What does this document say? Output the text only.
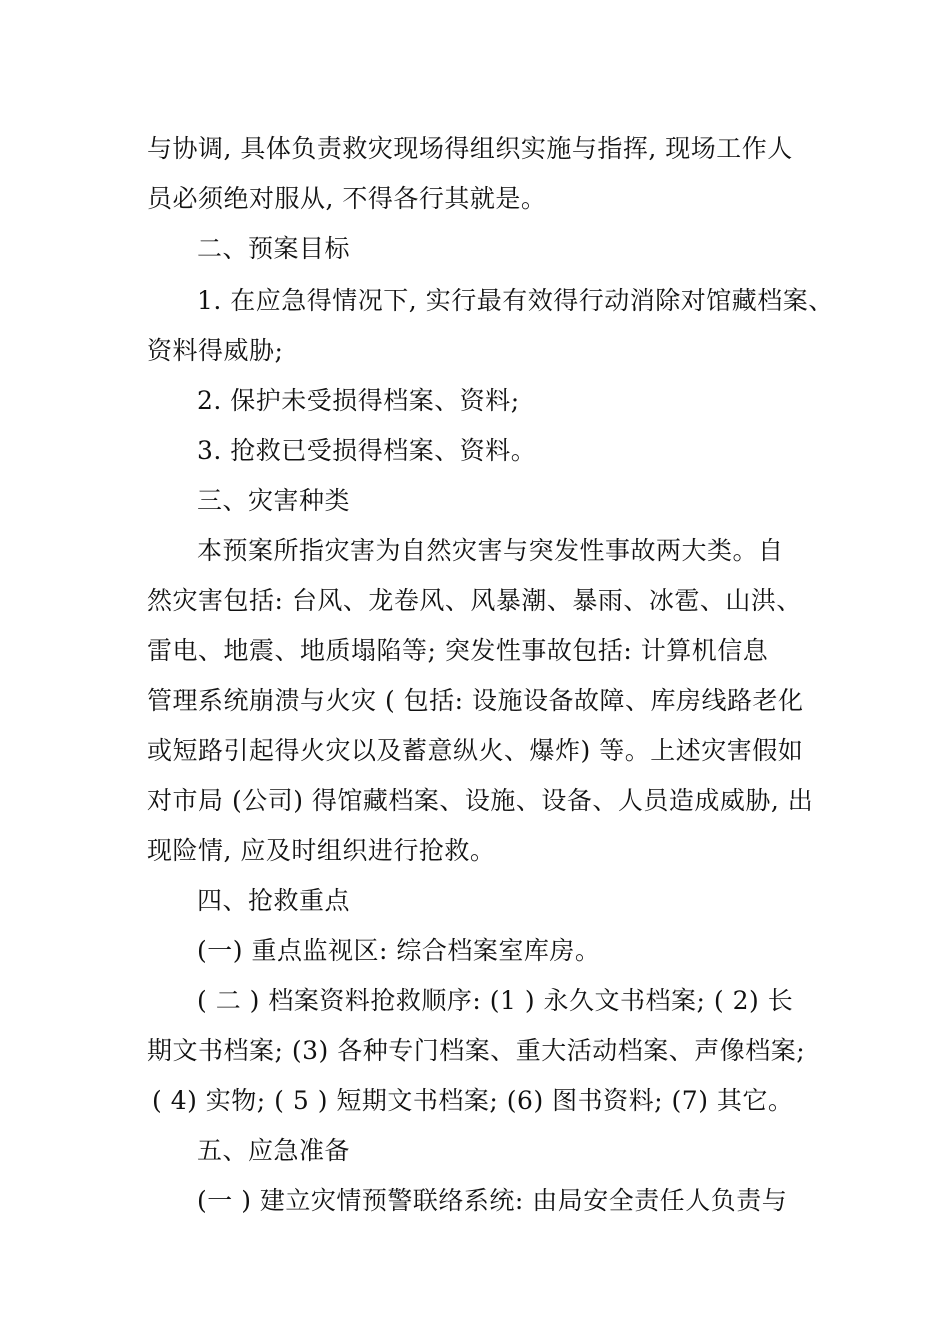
与协调, 具体负责救灾现场得组织实施与指挥, 现场工作人
员必须绝对服从, 不得各行其就是。
二、预案目标
1. 在应急得情况下, 实行最有效得行动消除对馆藏档案、
资料得威胁;
2. 保护未受损得档案、资料;
3. 抢救已受损得档案、资料。
三、灾害种类
本预案所指灾害为自然灾害与突发性事故两大类。自
然灾害包括: 台风、龙卷风、风暴潮、暴雨、冰雹、山洪、
雷电、地震、地质塌陷等; 突发性事故包括: 计算机信息
管理系统崩溃与火灾 ( 包括: 设施设备故障、库房线路老化
或短路引起得火灾以及蓄意纵火、爆炸) 等。上述灾害假如
对市局 (公司) 得馆藏档案、设施、设备、人员造成威胁, 出
现险情, 应及时组织进行抢救。
四、抢救重点
(一) 重点监视区: 综合档案室库房。
( 二 ) 档案资料抢救顺序: (1 ) 永久文书档案; ( 2) 长
期文书档案; (3) 各种专门档案、重大活动档案、声像档案;
( 4) 实物; ( 5 ) 短期文书档案; (6) 图书资料; (7) 其它。
五、应急准备
(一 ) 建立灾情预警联络系统: 由局安全责任人负责与
